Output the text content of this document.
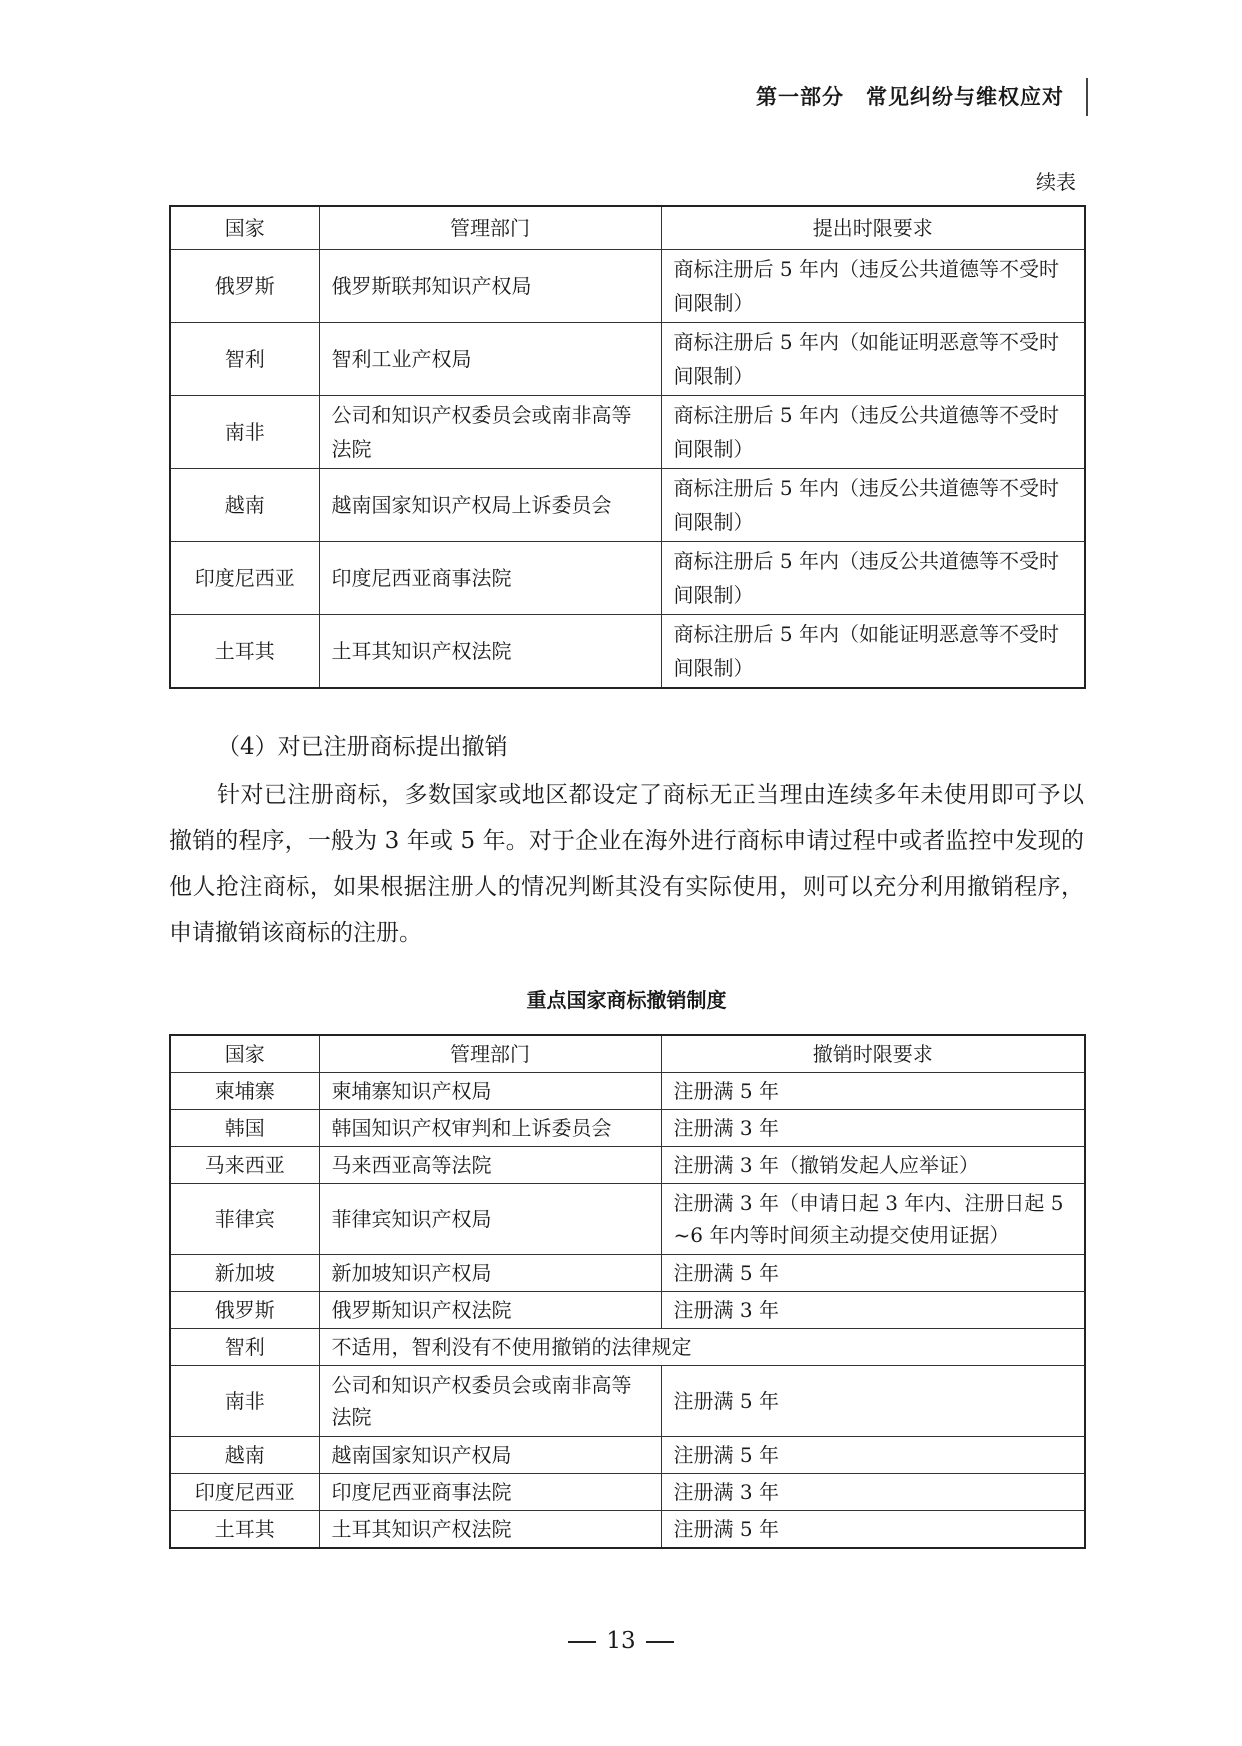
第一部分　常见纠纷与维权应对
续表
国家	管理部门	提出时限要求
俄罗斯	俄罗斯联邦知识产权局	商标注册后 5 年内（违反公共道德等不受时间限制）
智利	智利工业产权局	商标注册后 5 年内（如能证明恶意等不受时间限制）
南非	公司和知识产权委员会或南非高等法院	商标注册后 5 年内（违反公共道德等不受时间限制）
越南	越南国家知识产权局上诉委员会	商标注册后 5 年内（违反公共道德等不受时间限制）
印度尼西亚	印度尼西亚商事法院	商标注册后 5 年内（违反公共道德等不受时间限制）
土耳其	土耳其知识产权法院	商标注册后 5 年内（如能证明恶意等不受时间限制）
（4）对已注册商标提出撤销
针对已注册商标，多数国家或地区都设定了商标无正当理由连续多年未使用即可予以撤销的程序，一般为 3 年或 5 年。对于企业在海外进行商标申请过程中或者监控中发现的他人抢注商标，如果根据注册人的情况判断其没有实际使用，则可以充分利用撤销程序，申请撤销该商标的注册。
重点国家商标撤销制度
国家	管理部门	撤销时限要求
柬埔寨	柬埔寨知识产权局	注册满 5 年
韩国	韩国知识产权审判和上诉委员会	注册满 3 年
马来西亚	马来西亚高等法院	注册满 3 年（撤销发起人应举证）
菲律宾	菲律宾知识产权局	注册满 3 年（申请日起 3 年内、注册日起 5 ~6 年内等时间须主动提交使用证据）
新加坡	新加坡知识产权局	注册满 5 年
俄罗斯	俄罗斯知识产权法院	注册满 3 年
智利	不适用，智利没有不使用撤销的法律规定	
南非	公司和知识产权委员会或南非高等法院	注册满 5 年
越南	越南国家知识产权局	注册满 5 年
印度尼西亚	印度尼西亚商事法院	注册满 3 年
土耳其	土耳其知识产权法院	注册满 5 年
13
